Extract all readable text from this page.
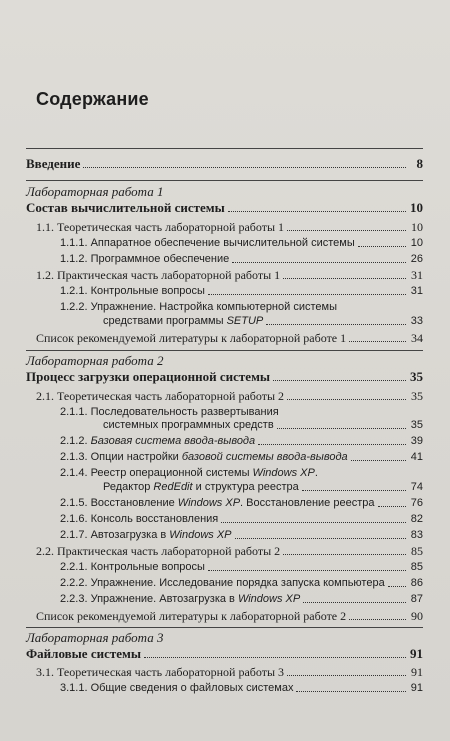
Содержание
Введение	8
Лабораторная работа 1
Состав вычислительной системы	10
1.1. Теоретическая часть лабораторной работы 1	10
1.1.1. Аппаратное обеспечение вычислительной системы	10
1.1.2. Программное обеспечение	26
1.2. Практическая часть лабораторной работы 1	31
1.2.1. Контрольные вопросы	31
1.2.2. Упражнение. Настройка компьютерной системы
средствами программы SETUP	33
Список рекомендуемой литературы к лабораторной работе 1	34
Лабораторная работа 2
Процесс загрузки операционной системы	35
2.1. Теоретическая часть лабораторной работы 2	35
2.1.1. Последовательность развертывания
системных программных средств	35
2.1.2. Базовая система ввода-вывода	39
2.1.3. Опции настройки базовой системы ввода-вывода	41
2.1.4. Реестр операционной системы Windows XP.
Редактор RedEdit и структура реестра	74
2.1.5. Восстановление Windows XP. Восстановление реестра	76
2.1.6. Консоль восстановления	82
2.1.7. Автозагрузка в Windows XP	83
2.2. Практическая часть лабораторной работы 2	85
2.2.1. Контрольные вопросы	85
2.2.2. Упражнение. Исследование порядка запуска компьютера 86
2.2.3. Упражнение. Автозагрузка в Windows XP	87
Список рекомендуемой литературы к лабораторной работе 2	90
Лабораторная работа 3
Файловые системы	91
3.1. Теоретическая часть лабораторной работы 3	91
3.1.1. Общие сведения о файловых системах	91
